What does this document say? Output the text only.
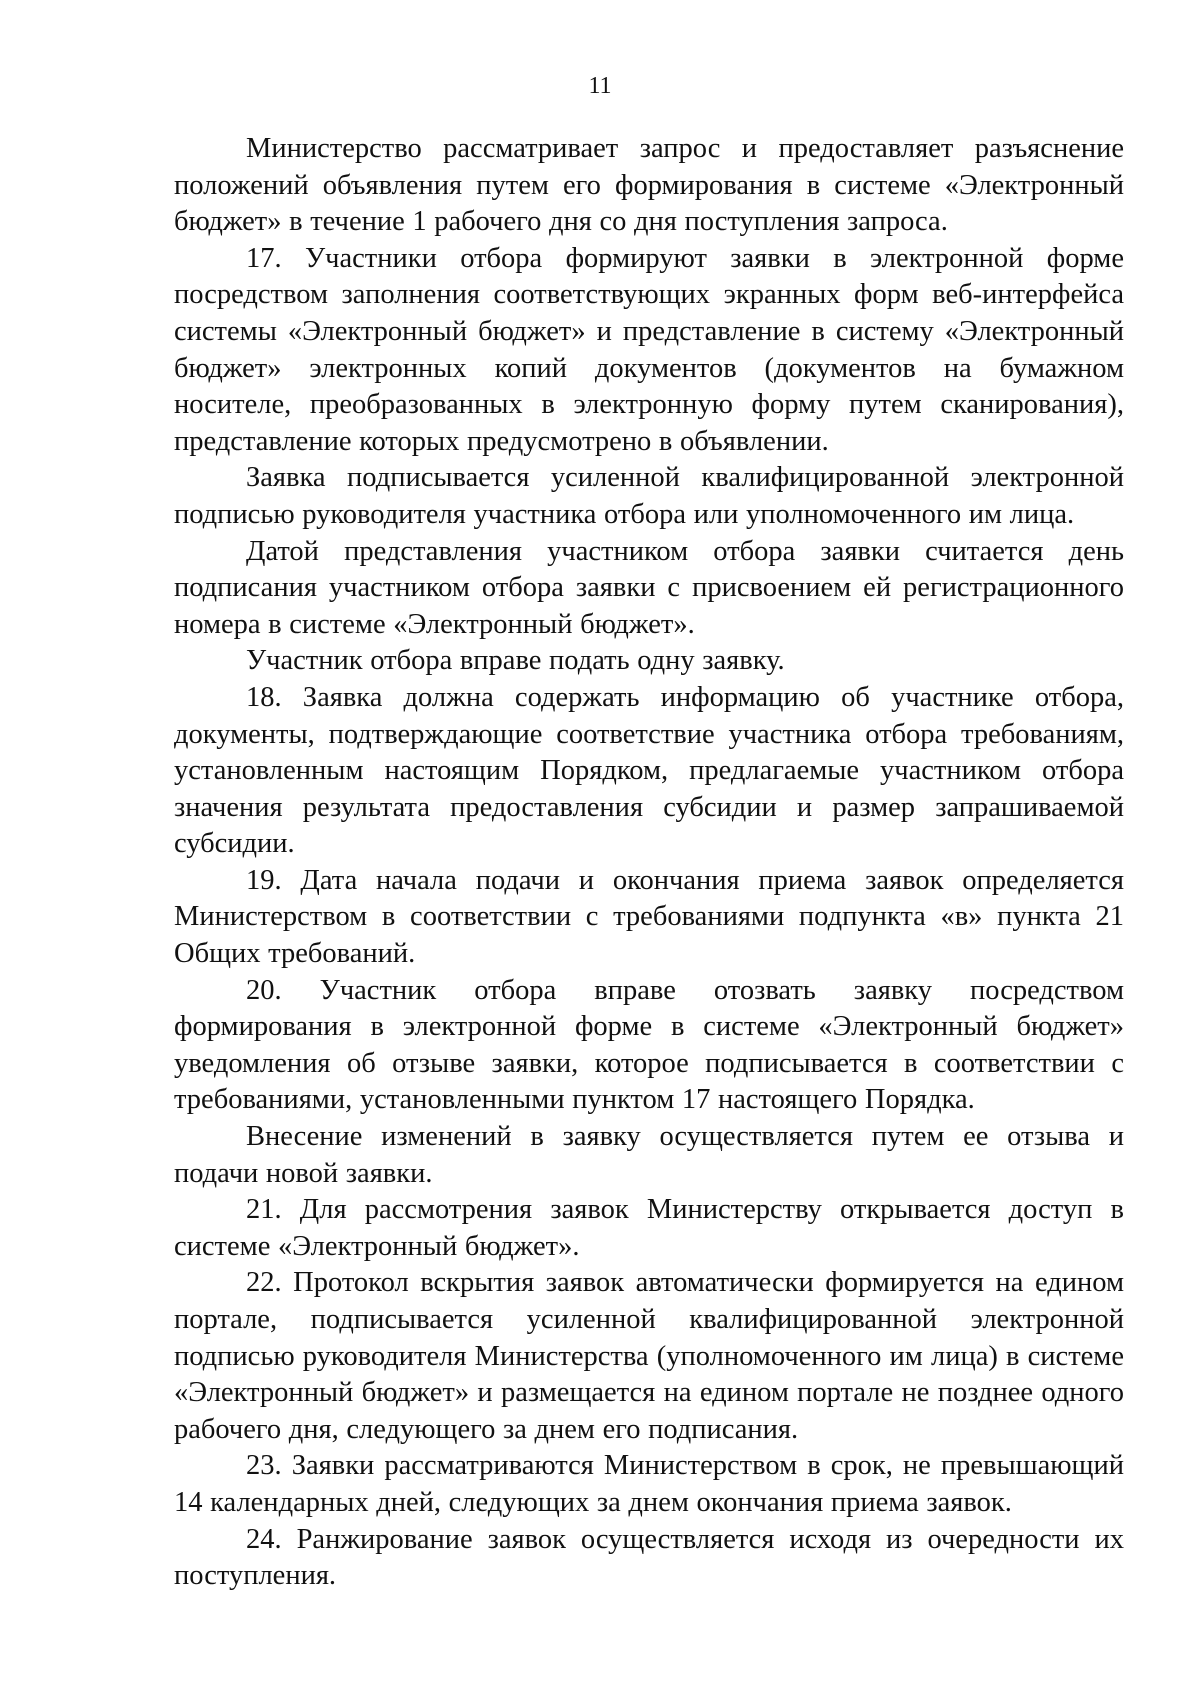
11

Министерство рассматривает запрос и предоставляет разъяснение положений объявления путем его формирования в системе «Электронный бюджет» в течение 1 рабочего дня со дня поступления запроса.

17. Участники отбора формируют заявки в электронной форме посредством заполнения соответствующих экранных форм веб-интерфейса системы «Электронный бюджет» и представление в систему «Электронный бюджет» электронных копий документов (документов на бумажном носителе, преобразованных в электронную форму путем сканирования), представление которых предусмотрено в объявлении.

Заявка подписывается усиленной квалифицированной электронной подписью руководителя участника отбора или уполномоченного им лица.

Датой представления участником отбора заявки считается день подписания участником отбора заявки с присвоением ей регистрационного номера в системе «Электронный бюджет».

Участник отбора вправе подать одну заявку.

18. Заявка должна содержать информацию об участнике отбора, документы, подтверждающие соответствие участника отбора требованиям, установленным настоящим Порядком, предлагаемые участником отбора значения результата предоставления субсидии и размер запрашиваемой субсидии.

19. Дата начала подачи и окончания приема заявок определяется Министерством в соответствии с требованиями подпункта «в» пункта 21 Общих требований.

20. Участник отбора вправе отозвать заявку посредством формирования в электронной форме в системе «Электронный бюджет» уведомления об отзыве заявки, которое подписывается в соответствии с требованиями, установленными пунктом 17 настоящего Порядка.

Внесение изменений в заявку осуществляется путем ее отзыва и подачи новой заявки.

21. Для рассмотрения заявок Министерству открывается доступ в системе «Электронный бюджет».

22. Протокол вскрытия заявок автоматически формируется на едином портале, подписывается усиленной квалифицированной электронной подписью руководителя Министерства (уполномоченного им лица) в системе «Электронный бюджет» и размещается на едином портале не позднее одного рабочего дня, следующего за днем его подписания.

23. Заявки рассматриваются Министерством в срок, не превышающий 14 календарных дней, следующих за днем окончания приема заявок.

24. Ранжирование заявок осуществляется исходя из очередности их поступления.
